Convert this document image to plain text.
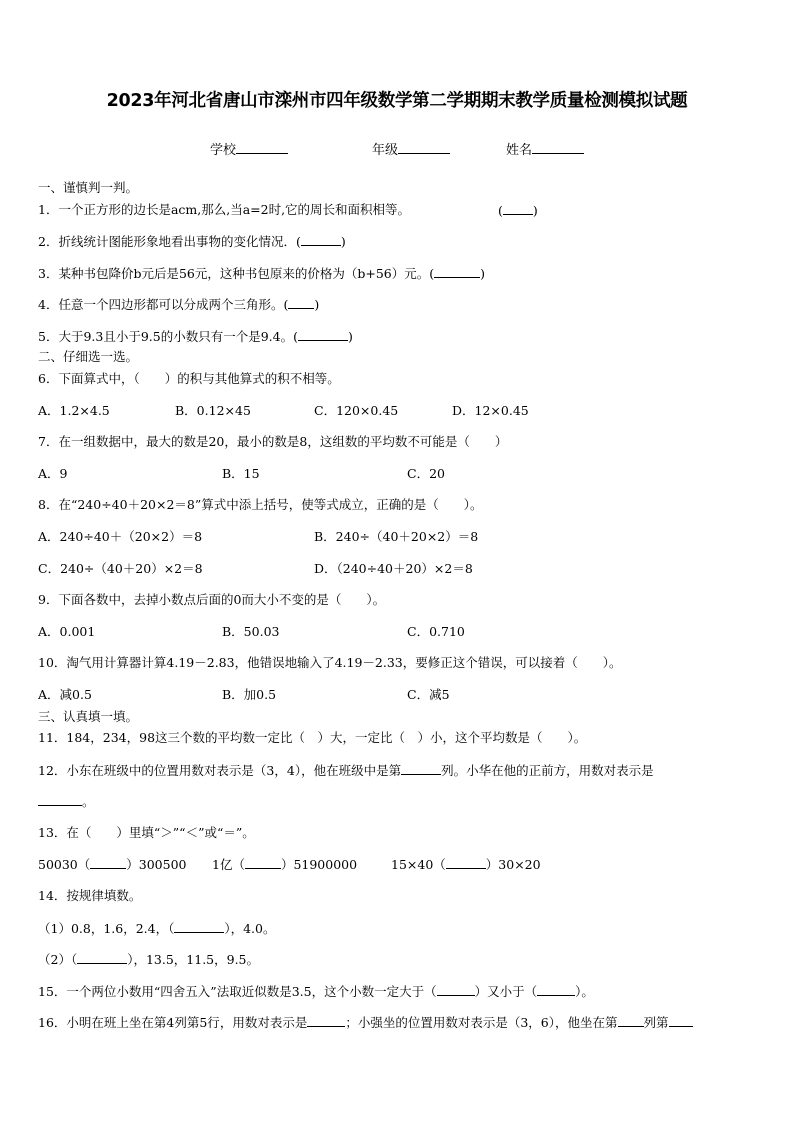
2023年河北省唐山市滦州市四年级数学第二学期期末教学质量检测模拟试题
学校	年级	姓名
一、谨慎判一判。
1．一个正方形的边长是acm,那么,当a=2时,它的周长和面积相等。	( )
2．折线统计图能形象地看出事物的变化情况．(	)
3．某种书包降价b元后是56元，这种书包原来的价格为（b+56）元。(	)
4．任意一个四边形都可以分成两个三角形。( )
5．大于9.3且小于9.5的小数只有一个是9.4。(	)
二、仔细选一选。
6．下面算式中，（　　）的积与其他算式的积不相等。
A．1.2×4.5	B．0.12×45	C．120×0.45	D．12×0.45
7．在一组数据中，最大的数是20，最小的数是8，这组数的平均数不可能是（　　）
A．9	B．15	C．20
8．在“240÷40＋20×2＝8”算式中添上括号，使等式成立，正确的是（　　）。
A．240÷40＋（20×2）＝8	B．240÷（40＋20×2）＝8
C．240÷（40＋20）×2＝8	D．（240÷40＋20）×2＝8
9．下面各数中，去掉小数点后面的0而大小不变的是（　　）。
A．0.001	B．50.03	C．0.710
10．淘气用计算器计算4.19－2.83，他错误地输入了4.19－2.33，要修正这个错误，可以接着（　　）。
A．减0.5	B．加0.5	C．减5
三、认真填一填。
11．184，234，98这三个数的平均数一定比（　）大，一定比（　）小，这个平均数是（　　）。
12．小东在班级中的位置用数对表示是（3，4），他在班级中是第	列。小华在他的正前方，用数对表示是
。
13．在（　　）里填“＞”“＜”或“＝”。
50030（	）300500 1亿（	）51900000	15×40（	）30×20
14．按规律填数。
（1）0.8，1.6，2.4，（	），4.0。
（2）（	），13.5，11.5，9.5。
15．一个两位小数用“四舍五入”法取近似数是3.5，这个小数一定大于（	）又小于（	）。
16．小明在班上坐在第4列第5行，用数对表示是	；小强坐的位置用数对表示是（3，6），他坐在第 列第
